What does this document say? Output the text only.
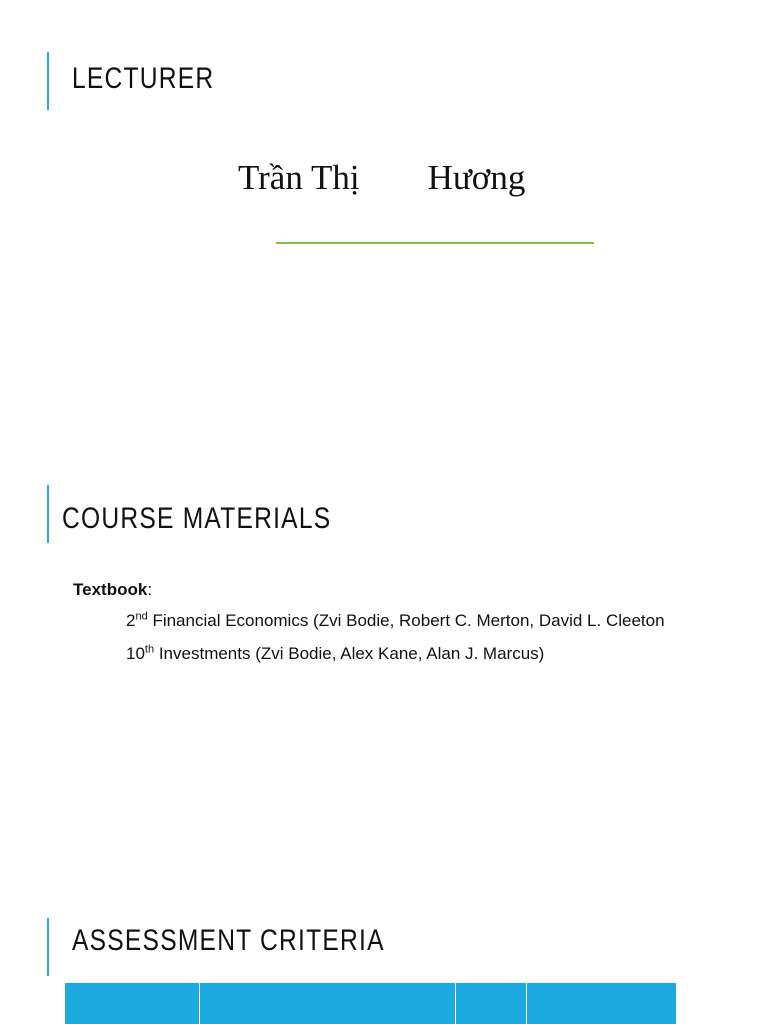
LECTURER
Trần Thị Hương
COURSE MATERIALS
Textbook:
2nd Financial Economics (Zvi Bodie, Robert C. Merton, David L. Cleeton
10th Investments (Zvi Bodie, Alex Kane, Alan J. Marcus)
ASSESSMENT CRITERIA
